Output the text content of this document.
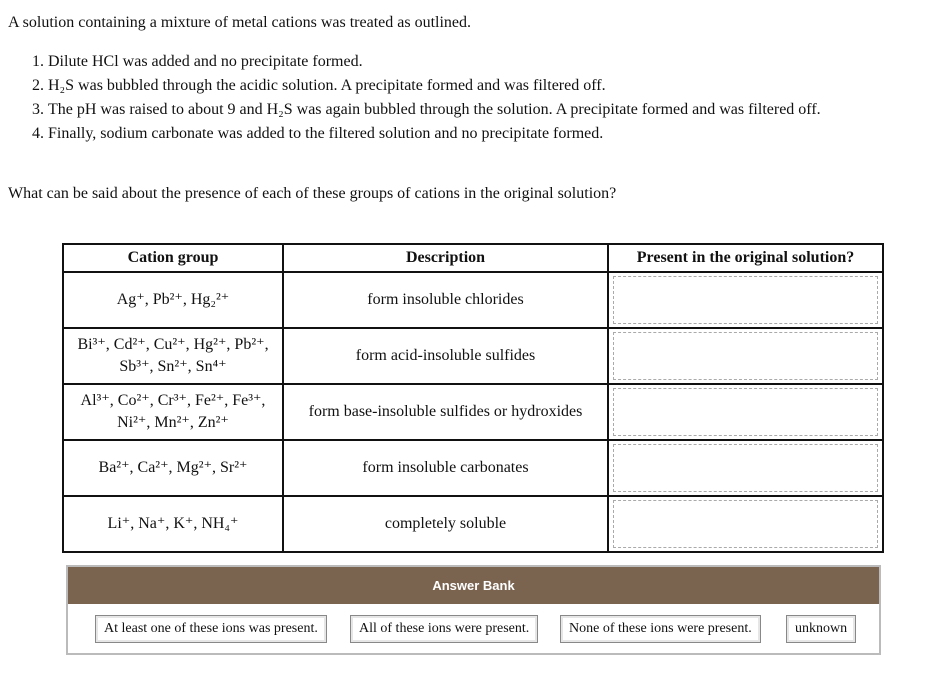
A solution containing a mixture of metal cations was treated as outlined.
1. Dilute HCl was added and no precipitate formed.
2. H₂S was bubbled through the acidic solution. A precipitate formed and was filtered off.
3. The pH was raised to about 9 and H₂S was again bubbled through the solution. A precipitate formed and was filtered off.
4. Finally, sodium carbonate was added to the filtered solution and no precipitate formed.
What can be said about the presence of each of these groups of cations in the original solution?
Cation group	Description	Present in the original solution?
Ag⁺, Pb²⁺, Hg₂²⁺	form insoluble chlorides	

Bi³⁺, Cd²⁺, Cu²⁺, Hg²⁺, Pb²⁺, Sb³⁺, Sn²⁺, Sn⁴⁺	form acid-insoluble sulfides	

Al³⁺, Co²⁺, Cr³⁺, Fe²⁺, Fe³⁺, Ni²⁺, Mn²⁺, Zn²⁺	form base-insoluble sulfides or hydroxides	

Ba²⁺, Ca²⁺, Mg²⁺, Sr²⁺	form insoluble carbonates	

Li⁺, Na⁺, K⁺, NH₄⁺	completely soluble	
Answer Bank
At least one of these ions was present.	All of these ions were present.	None of these ions were present.	unknown
